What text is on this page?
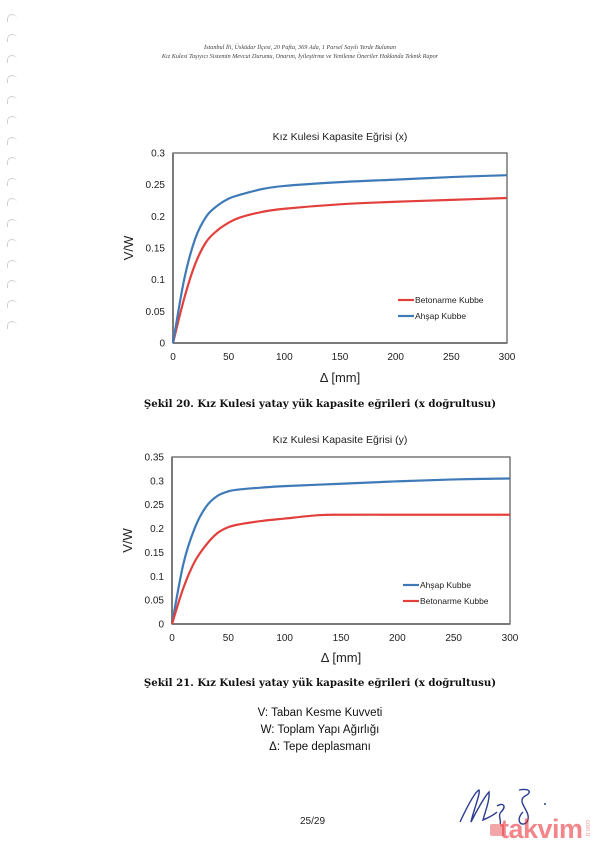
İstanbul İli, Üsküdar İlçesi, 20 Pafta, 369 Ada, 1 Parsel Sayılı Yerde Bulunan
Kız Kulesi Taşıyıcı Sistemin Mevcut Durumu, Onarım, İyileştirme ve Yenileme Öneriler Hakkında Teknik Rapor
Kız Kulesi Kapasite Eğrisi (x)
0
0.05
0.1
0.15
0.2
0.25
0.3
0	50	100	150	200	250	300
Δ [mm]
V/W
Betonarme Kubbe
Ahşap Kubbe
Şekil 20. Kız Kulesi yatay yük kapasite eğrileri (x doğrultusu)
Kız Kulesi Kapasite Eğrisi (y)
0
0.05
0.1
0.15
0.2
0.25
0.3
0.35
0	50	100	150	200	250	300
Δ [mm]
V/W
Ahşap Kubbe
Betonarme Kubbe
Şekil 21. Kız Kulesi yatay yük kapasite eğrileri (x doğrultusu)
V: Taban Kesme Kuvveti
W: Toplam Yapı Ağırlığı
Δ: Tepe deplasmanı
25/29	takvim com.tr
